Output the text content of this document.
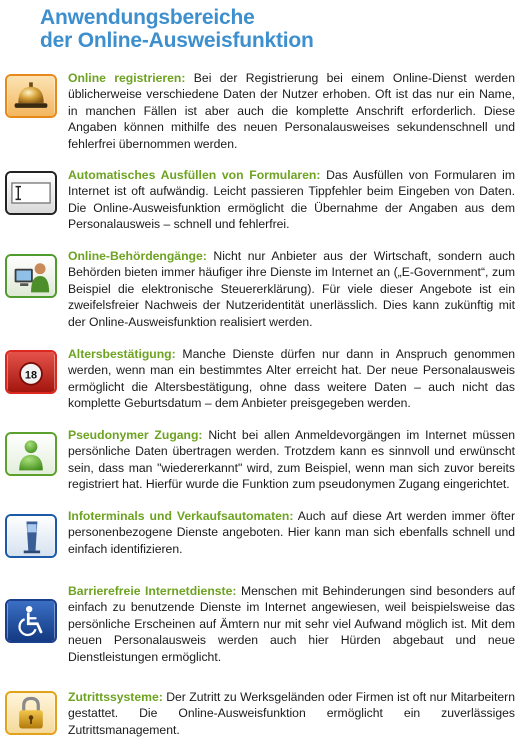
Anwendungsbereiche
der Online-Ausweisfunktion

Online registrieren: Bei der Registrierung bei einem Online-Dienst werden üblicherweise verschiedene Daten der Nutzer erhoben. Oft ist das nur ein Name, in manchen Fällen ist aber auch die komplette Anschrift erforderlich. Diese Angaben können mithilfe des neuen Personalausweises sekundenschnell und fehlerfrei übernommen werden.

Automatisches Ausfüllen von Formularen: Das Ausfüllen von Formularen im Internet ist oft aufwändig. Leicht passieren Tippfehler beim Eingeben von Daten. Die Online-Ausweisfunktion ermöglicht die Übernahme der Angaben aus dem Personalausweis – schnell und fehlerfrei.

Online-Behördengänge: Nicht nur Anbieter aus der Wirtschaft, sondern auch Behörden bieten immer häufiger ihre Dienste im Internet an („E-Government“, zum Beispiel die elektronische Steuererklärung). Für viele dieser Angebote ist ein zweifelsfreier Nachweis der Nutzeridentität unerlässlich. Dies kann zukünftig mit der Online-Ausweisfunktion realisiert werden.

18

Altersbestätigung: Manche Dienste dürfen nur dann in Anspruch genommen werden, wenn man ein bestimmtes Alter erreicht hat. Der neue Personalausweis ermöglicht die Altersbestätigung, ohne dass weitere Daten – auch nicht das komplette Geburtsdatum – dem Anbieter preisgegeben werden.

Pseudonymer Zugang: Nicht bei allen Anmeldevorgängen im Internet müssen persönliche Daten übertragen werden. Trotzdem kann es sinnvoll und erwünscht sein, dass man "wiedererkannt" wird, zum Beispiel, wenn man sich zuvor bereits registriert hat. Hierfür wurde die Funktion zum pseudonymen Zugang eingerichtet.

Infoterminals und Verkaufsautomaten: Auch auf diese Art werden immer öfter personenbezogene Dienste angeboten. Hier kann man sich ebenfalls schnell und einfach identifizieren.

Barrierefreie Internetdienste: Menschen mit Behinderungen sind besonders auf einfach zu benutzende Dienste im Internet angewiesen, weil beispielsweise das persönliche Erscheinen auf Ämtern nur mit sehr viel Aufwand möglich ist. Mit dem neuen Personalausweis werden auch hier Hürden abgebaut und neue Dienstleistungen ermöglicht.

Zutrittssysteme: Der Zutritt zu Werksgeländen oder Firmen ist oft nur Mitarbeitern gestattet. Die Online-Ausweisfunktion ermöglicht ein zuverlässiges Zutrittsmanagement.
